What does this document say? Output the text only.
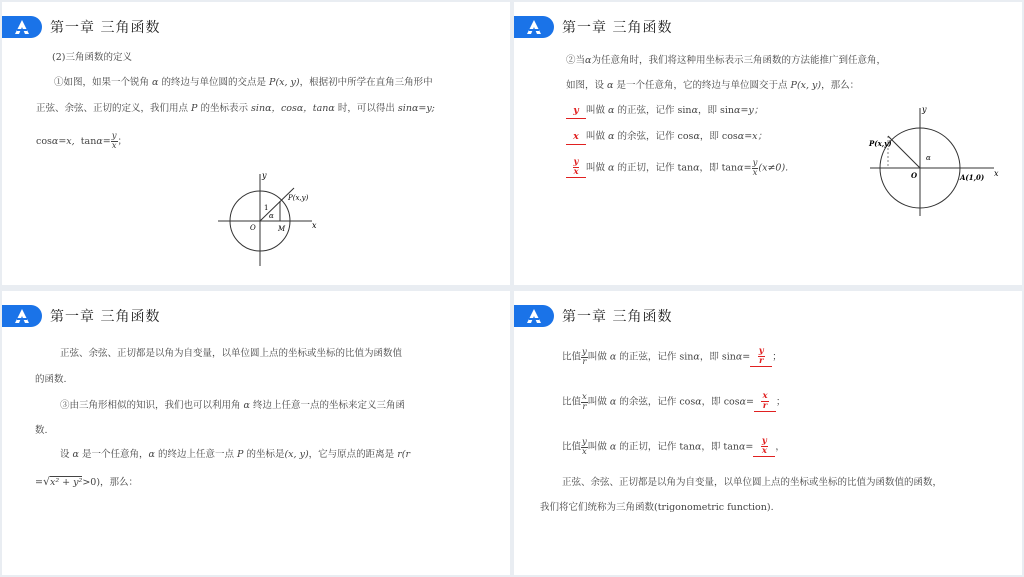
第一章 三角函数
(2)三角函数的定义
①如图，如果一个锐角 α 的终边与单位圆的交点是 P(x, y)，根据初中所学在直角三角形中
正弦、余弦、正切的定义，我们用点 P 的坐标表示 sinα，cosα，tanα 时，可以得出 sinα=y;
cosα=x, $\tan\alpha= \frac{y}{x}$ ；
y
x
P(x,y)
O	M
1
α
第一章 三角函数
②当α为任意角时，我们将这种用坐标表示三角函数的方法能推广到任意角，
如图，设 α 是一个任意角，它的终边与单位圆交于点 P(x, y)，那么：
y 叫做 α 的正弦，记作 sinα，即 sinα=y；
x 叫做 α 的余弦，记作 cosα，即 cosα=x；
$\frac{y}{x}$ 叫做 α 的正切，记作 tanα，即 $\tan\alpha= \frac{y}{x} (x\ne 0)$.
y
x
P(x,y)
O	A(1,0)
α
第一章 三角函数
正弦、余弦、正切都是以角为自变量，以单位圆上点的坐标或坐标的比值为函数值
的函数.
③由三角形相似的知识，我们也可以利用角 α 终边上任意一点的坐标来定义三角函
数.
设 α 是一个任意角，α 的终边上任意一点 P 的坐标是(x, y)，它与原点的距离是 r(r
=√x² + y²>0)，那么：
第一章 三角函数
比值 $\frac{y}{r}$ 叫做 α 的正弦，记作 sinα，即 $\sin\alpha= \frac{y}{r}$ ；
比值 $\frac{x}{r}$ 叫做 α 的余弦，记作 cosα，即 $\cos\alpha= \frac{x}{r}$ ；
比值 $\frac{y}{x}$ 叫做 α 的正切，记作 tanα，即 $\tan\alpha= \frac{y}{x}$ ，
正弦、余弦、正切都是以角为自变量，以单位圆上点的坐标或坐标的比值为函数值的函数，
我们将它们统称为三角函数(trigonometric function).
